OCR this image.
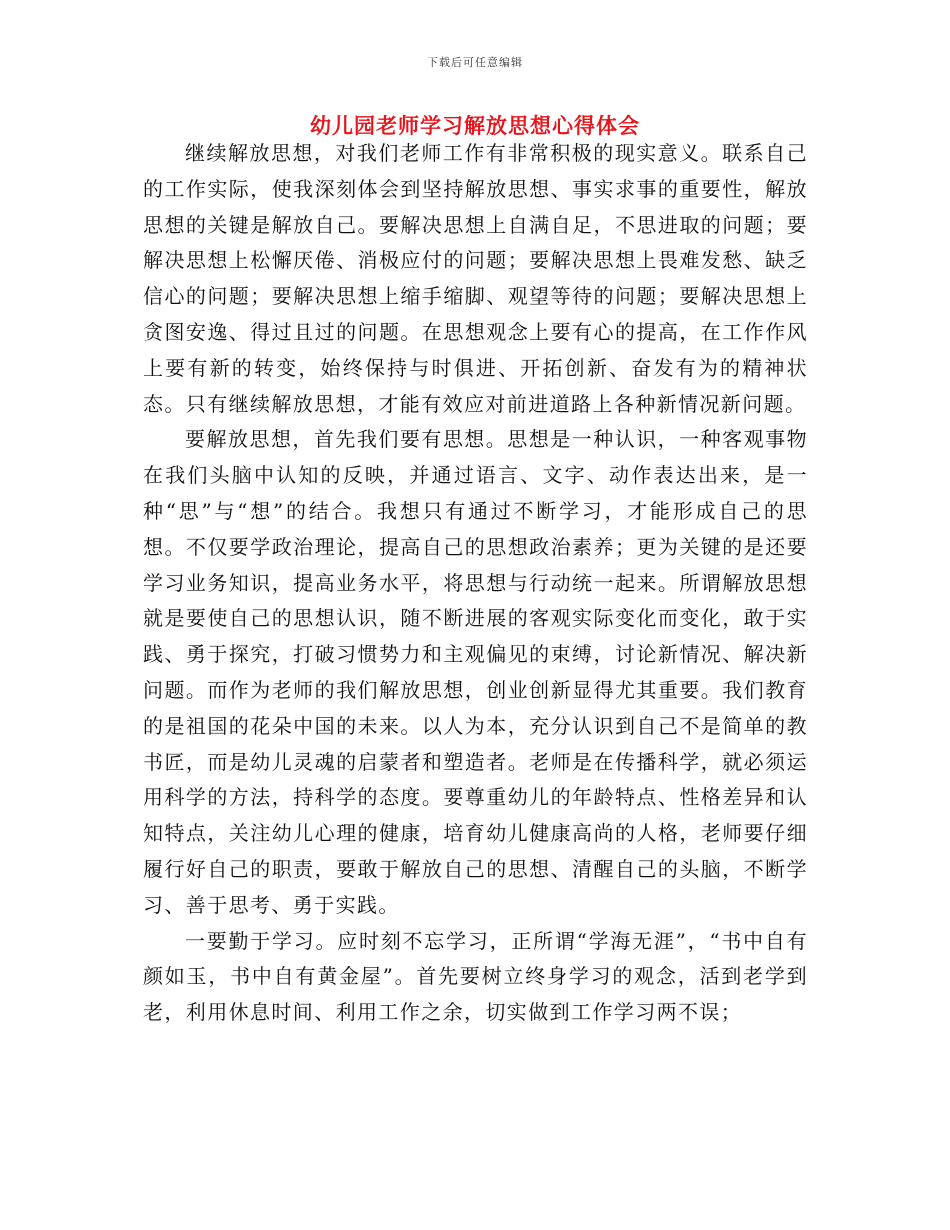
下载后可任意编辑
幼儿园老师学习解放思想心得体会

继续解放思想，对我们老师工作有非常积极的现实意义。联系自己的工作实际，使我深刻体会到坚持解放思想、事实求事的重要性，解放思想的关键是解放自己。要解决思想上自满自足，不思进取的问题；要解决思想上松懈厌倦、消极应付的问题；要解决思想上畏难发愁、缺乏信心的问题；要解决思想上缩手缩脚、观望等待的问题；要解决思想上贪图安逸、得过且过的问题。在思想观念上要有心的提高，在工作作风上要有新的转变，始终保持与时俱进、开拓创新、奋发有为的精神状态。只有继续解放思想，才能有效应对前进道路上各种新情况新问题。

要解放思想，首先我们要有思想。思想是一种认识，一种客观事物在我们头脑中认知的反映，并通过语言、文字、动作表达出来，是一种“思”与“想”的结合。我想只有通过不断学习，才能形成自己的思想。不仅要学政治理论，提高自己的思想政治素养；更为关键的是还要学习业务知识，提高业务水平，将思想与行动统一起来。所谓解放思想就是要使自己的思想认识，随不断进展的客观实际变化而变化，敢于实践、勇于探究，打破习惯势力和主观偏见的束缚，讨论新情况、解决新问题。而作为老师的我们解放思想，创业创新显得尤其重要。我们教育的是祖国的花朵中国的未来。以人为本，充分认识到自己不是简单的教书匠，而是幼儿灵魂的启蒙者和塑造者。老师是在传播科学，就必须运用科学的方法，持科学的态度。要尊重幼儿的年龄特点、性格差异和认知特点，关注幼儿心理的健康，培育幼儿健康高尚的人格，老师要仔细履行好自己的职责，要敢于解放自己的思想、清醒自己的头脑，不断学习、善于思考、勇于实践。

一要勤于学习。应时刻不忘学习，正所谓“学海无涯”，“书中自有颜如玉，书中自有黄金屋”。首先要树立终身学习的观念，活到老学到老，利用休息时间、利用工作之余，切实做到工作学习两不误；
